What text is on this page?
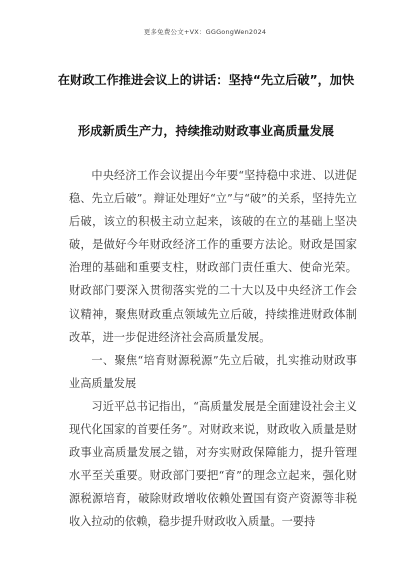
更多免费公文+VX：GGGongWen2024
在财政工作推进会议上的讲话：坚持“先立后破”，加快
形成新质生产力，持续推动财政事业高质量发展

中央经济工作会议提出今年要“坚持稳中求进、以进促稳、先立后破”。辩证处理好“立”与“破”的关系，坚持先立后破，该立的积极主动立起来，该破的在立的基础上坚决破，是做好今年财政经济工作的重要方法论。财政是国家治理的基础和重要支柱，财政部门责任重大、使命光荣。财政部门要深入贯彻落实党的二十大以及中央经济工作会议精神，聚焦财政重点领域先立后破，持续推进财政体制改革，进一步促进经济社会高质量发展。

一、聚焦“培育财源税源”先立后破，扎实推动财政事业高质量发展

习近平总书记指出，“高质量发展是全面建设社会主义现代化国家的首要任务”。对财政来说，财政收入质量是财政事业高质量发展之锚，对夯实财政保障能力，提升管理水平至关重要。财政部门要把“育”的理念立起来，强化财源税源培育，破除财政增收依赖处置国有资产资源等非税收入拉动的依赖，稳步提升财政收入质量。一要持
